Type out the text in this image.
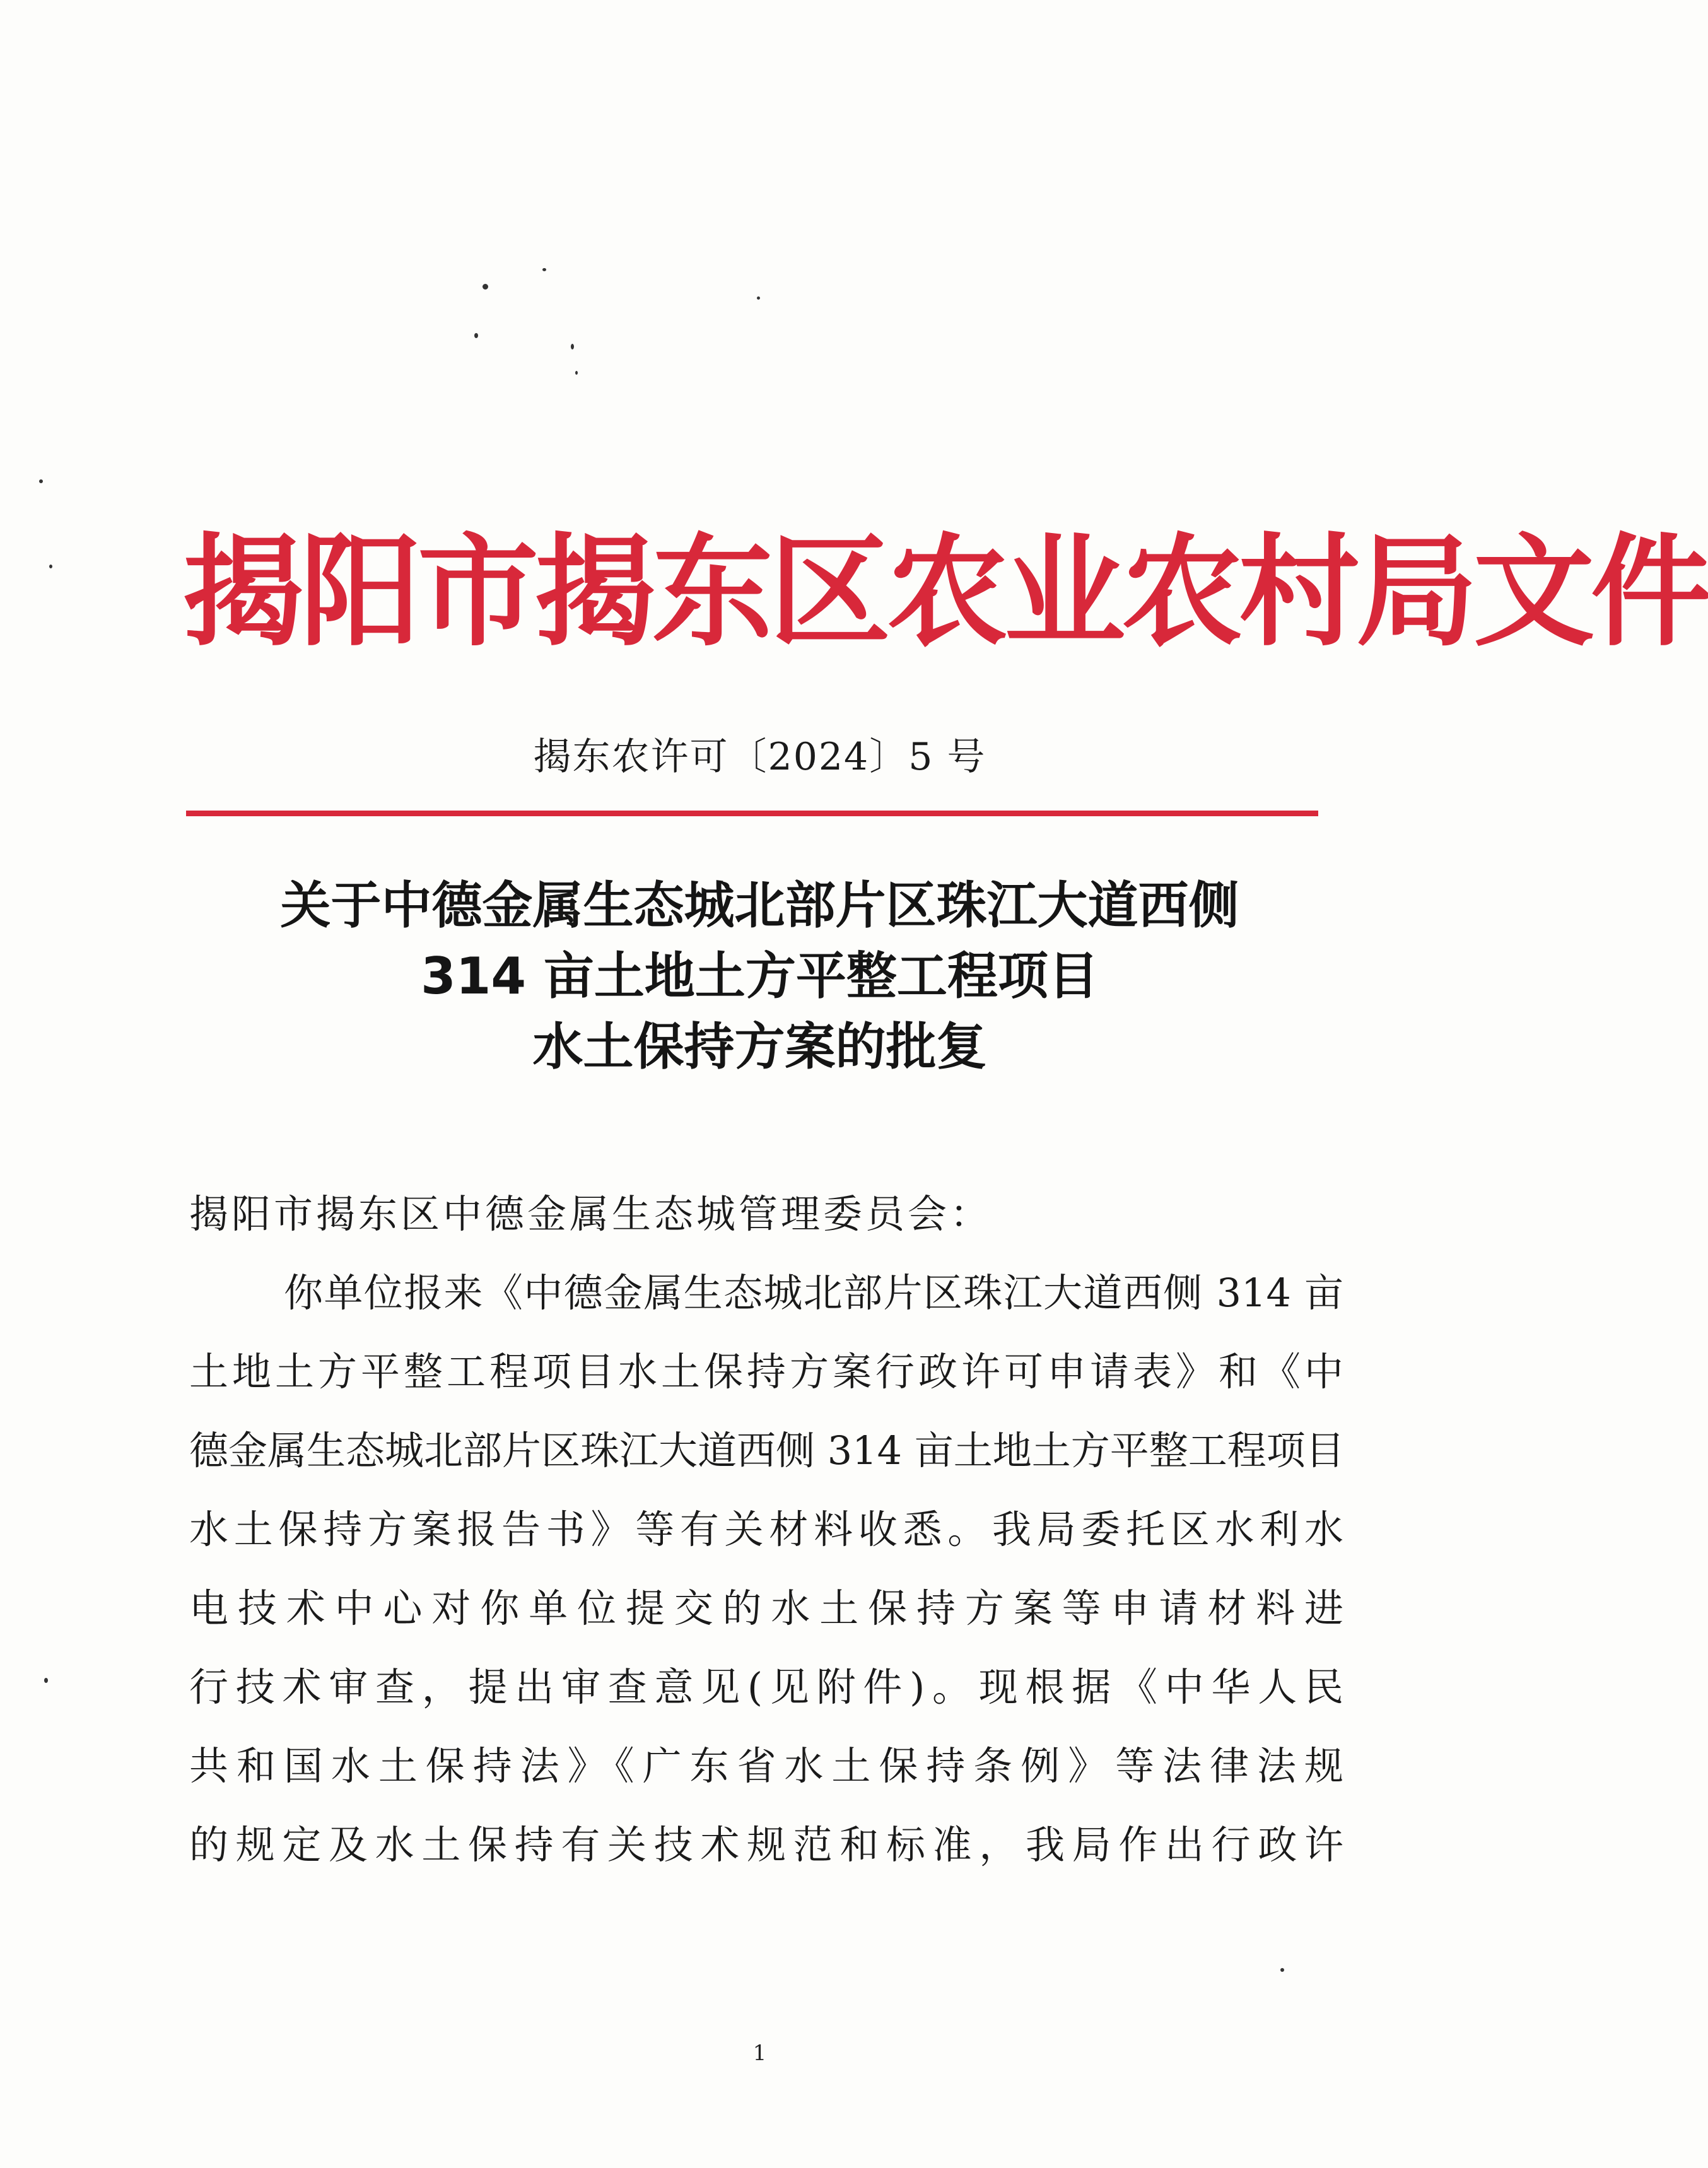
揭阳市揭东区农业农村局文件
揭东农许可〔2024〕5 号
关于中德金属生态城北部片区珠江大道西侧
314 亩土地土方平整工程项目
水土保持方案的批复
揭阳市揭东区中德金属生态城管理委员会：
你单位报来《中德金属生态城北部片区珠江大道西侧 314 亩
土地土方平整工程项目水土保持方案行政许可申请表》和《中
德金属生态城北部片区珠江大道西侧 314 亩土地土方平整工程项目
水土保持方案报告书》等有关材料收悉。我局委托区水利水
电技术中心对你单位提交的水土保持方案等申请材料进
行技术审查，提出审查意见(见附件)。现根据《中华人民
共和国水土保持法》《广东省水土保持条例》等法律法规
的规定及水土保持有关技术规范和标准，我局作出行政许
1
